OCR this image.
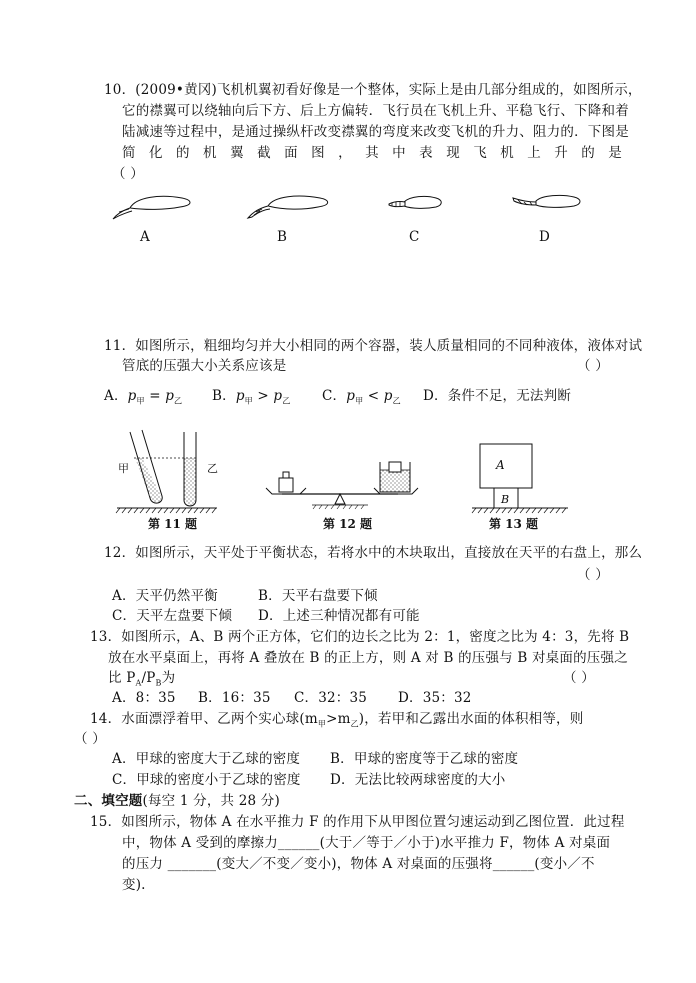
10．(2009•黄冈)飞机机翼初看好像是一个整体，实际上是由几部分组成的，如图所示，
它的襟翼可以绕轴向后下方、后上方偏转．飞行员在飞机上升、平稳飞行、下降和着
陆减速等过程中，是通过操纵杆改变襟翼的弯度来改变飞机的升力、阻力的．下图是
简 化 的 机 翼 截 面 图 ， 其 中 表 现 飞 机 上 升 的 是
（ ）
A	B	C	D
11．如图所示，粗细均匀并大小相同的两个容器，装人质量相同的不同种液体，液体对试
管底的压强大小关系应该是	（ ）
A．$p_甲 = p_乙$ B．$p_甲 > p_乙$ C．$p_甲 < p_乙$ D．条件不足，无法判断
甲	乙
第 11 题	第 12 题
A
B
第 13 题
12．如图所示，天平处于平衡状态，若将水中的木块取出，直接放在天平的右盘上，那么
（ ）
A．天平仍然平衡	B．天平右盘要下倾
C．天平左盘要下倾 D．上述三种情况都有可能
13．如图所示，A、B 两个正方体，它们的边长之比为 2：1，密度之比为 4：3，先将 B
放在水平桌面上，再将 A 叠放在 B 的正上方，则 A 对 B 的压强与 B 对桌面的压强之
比 $P_A/P_B$为	（ ）
A．8：35 B．16：35 C．32：35 D．35：32
14．水面漂浮着甲、乙两个实心球$(m_甲>m_乙)$，若甲和乙露出水面的体积相等，则
（ ）
A．甲球的密度大于乙球的密度 B．甲球的密度等于乙球的密度
C．甲球的密度小于乙球的密度 D．无法比较两球密度的大小
二、填空题(每空 1 分，共 28 分)
15．如图所示，物体 A 在水平推力 F 的作用下从甲图位置匀速运动到乙图位置．此过程
中，物体 A 受到的摩擦力______(大于／等于／小于)水平推力 F，物体 A 对桌面
的压力 _______(变大／不变／变小)，物体 A 对桌面的压强将______(变小／不
变).
